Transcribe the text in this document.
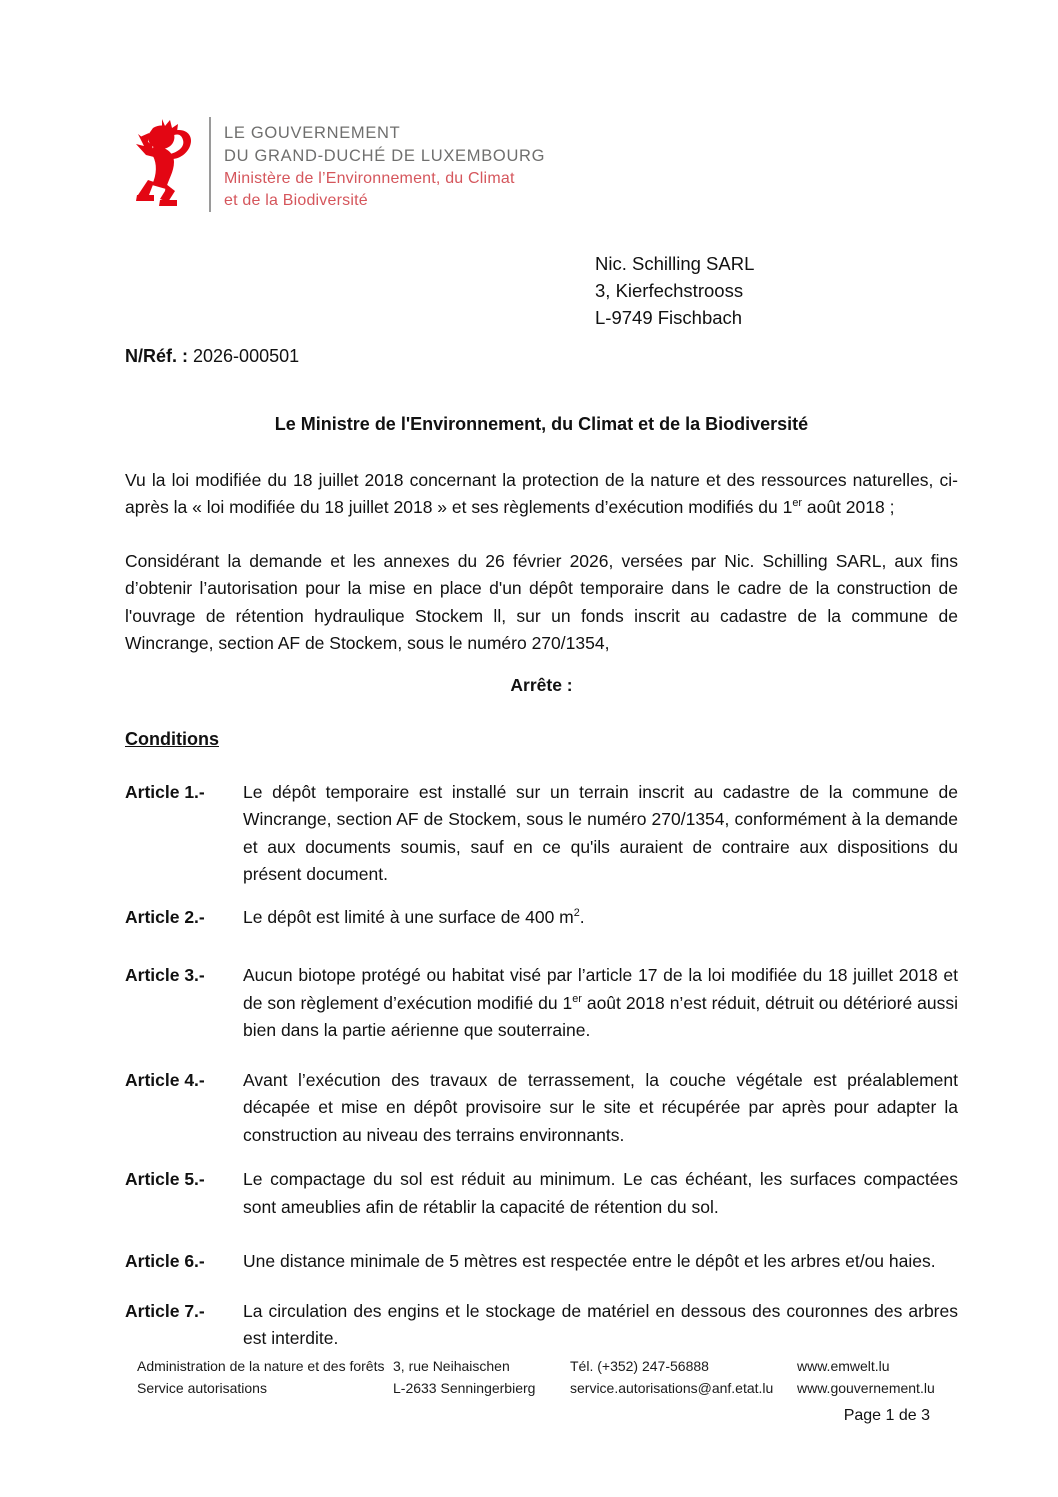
LE GOUVERNEMENT
DU GRAND-DUCHÉ DE LUXEMBOURG
Ministère de l’Environnement, du Climat
et de la Biodiversité
Nic. Schilling SARL
3, Kierfechstrooss
L-9749 Fischbach
N/Réf. : 2026-000501
Le Ministre de l'Environnement, du Climat et de la Biodiversité

Vu la loi modifiée du 18 juillet 2018 concernant la protection de la nature et des ressources naturelles, ci-après la « loi modifiée du 18 juillet 2018 » et ses règlements d’exécution modifiés du 1er août 2018 ;

Considérant la demande et les annexes du 26 février 2026, versées par Nic. Schilling SARL, aux fins d’obtenir l’autorisation pour la mise en place d'un dépôt temporaire dans le cadre de la construction de l'ouvrage de rétention hydraulique Stockem ll, sur un fonds inscrit au cadastre de la commune de Wincrange, section AF de Stockem, sous le numéro 270/1354,

Arrête :
Conditions
Article 1.-	Le dépôt temporaire est installé sur un terrain inscrit au cadastre de la commune de Wincrange, section AF de Stockem, sous le numéro 270/1354, conformément à la demande et aux documents soumis, sauf en ce qu'ils auraient de contraire aux dispositions du présent document.
Article 2.-	Le dépôt est limité à une surface de 400 $m^2$.
Article 3.-	Aucun biotope protégé ou habitat visé par l’article 17 de la loi modifiée du 18 juillet 2018 et de son règlement d’exécution modifié du 1er août 2018 n’est réduit, détruit ou détérioré aussi bien dans la partie aérienne que souterraine.
Article 4.-	Avant l’exécution des travaux de terrassement, la couche végétale est préalablement décapée et mise en dépôt provisoire sur le site et récupérée par après pour adapter la construction au niveau des terrains environnants.
Article 5.-	Le compactage du sol est réduit au minimum. Le cas échéant, les surfaces compactées sont ameublies afin de rétablir la capacité de rétention du sol.
Article 6.-	Une distance minimale de 5 mètres est respectée entre le dépôt et les arbres et/ou haies.
Article 7.-	La circulation des engins et le stockage de matériel en dessous des couronnes des arbres est interdite.
Administration de la nature et des forêts
Service autorisations
3, rue Neihaischen
L-2633 Senningerbierg
Tél. (+352) 247-56888
service.autorisations@anf.etat.lu
www.emwelt.lu
www.gouvernement.lu
Page 1 de 3
